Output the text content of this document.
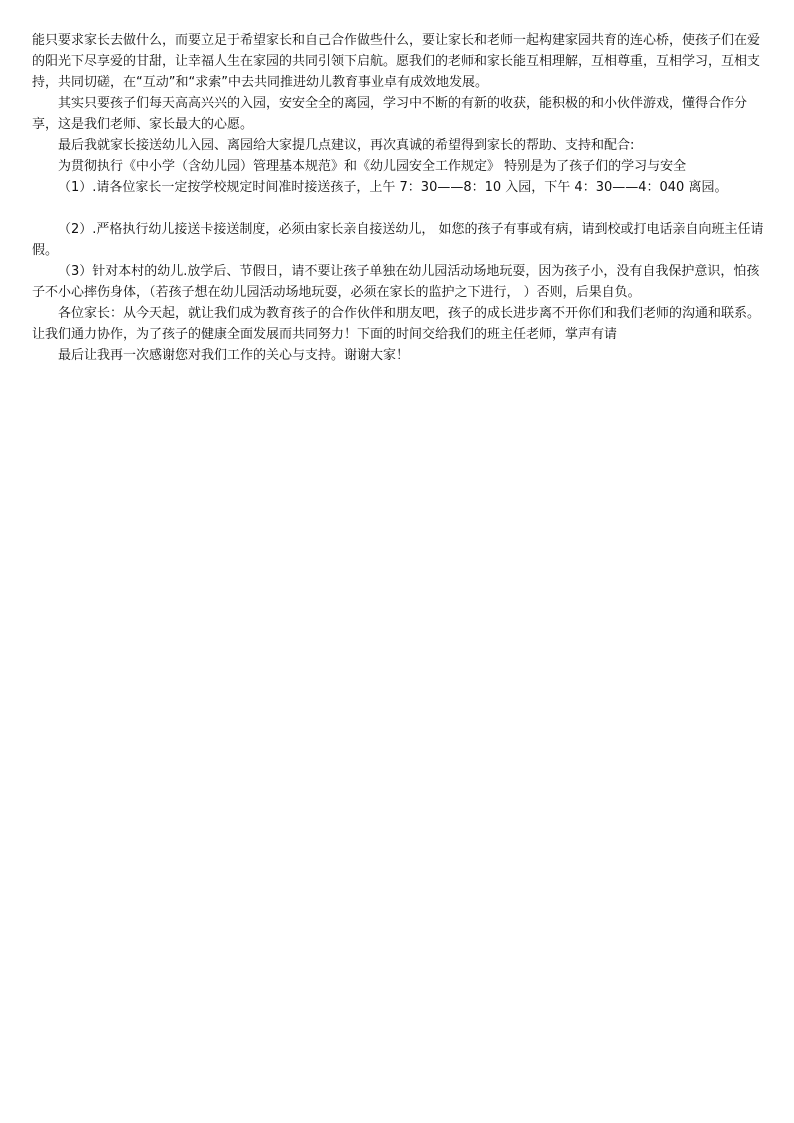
能只要求家长去做什么，而要立足于希望家长和自己合作做些什么，要让家长和老师一起构建家园共育的连心桥，使孩子们在爱的阳光下尽享爱的甘甜，让幸福人生在家园的共同引领下启航。愿我们的老师和家长能互相理解，互相尊重，互相学习，互相支持，共同切磋，在“互动”和“求索”中去共同推进幼儿教育事业卓有成效地发展。

其实只要孩子们每天高高兴兴的入园，安安全全的离园，学习中不断的有新的收获，能积极的和小伙伴游戏，懂得合作分享，这是我们老师、家长最大的心愿。

最后我就家长接送幼儿入园、离园给大家提几点建议，再次真诚的希望得到家长的帮助、支持和配合:

为贯彻执行《中小学（含幼儿园）管理基本规范》和《幼儿园安全工作规定》 特别是为了孩子们的学习与安全

（1）.请各位家长一定按学校规定时间准时接送孩子，上午 7：30——8：10 入园，下午 4：30——4：040 离园。

（2）.严格执行幼儿接送卡接送制度，必须由家长亲自接送幼儿， 如您的孩子有事或有病，请到校或打电话亲自向班主任请假。

（3）针对本村的幼儿.放学后、节假日，请不要让孩子单独在幼儿园活动场地玩耍，因为孩子小，没有自我保护意识，怕孩子不小心摔伤身体，（若孩子想在幼儿园活动场地玩耍，必须在家长的监护之下进行， ）否则，后果自负。

各位家长：从今天起，就让我们成为教育孩子的合作伙伴和朋友吧，孩子的成长进步离不开你们和我们老师的沟通和联系。让我们通力协作，为了孩子的健康全面发展而共同努力！下面的时间交给我们的班主任老师，掌声有请

最后让我再一次感谢您对我们工作的关心与支持。谢谢大家！
